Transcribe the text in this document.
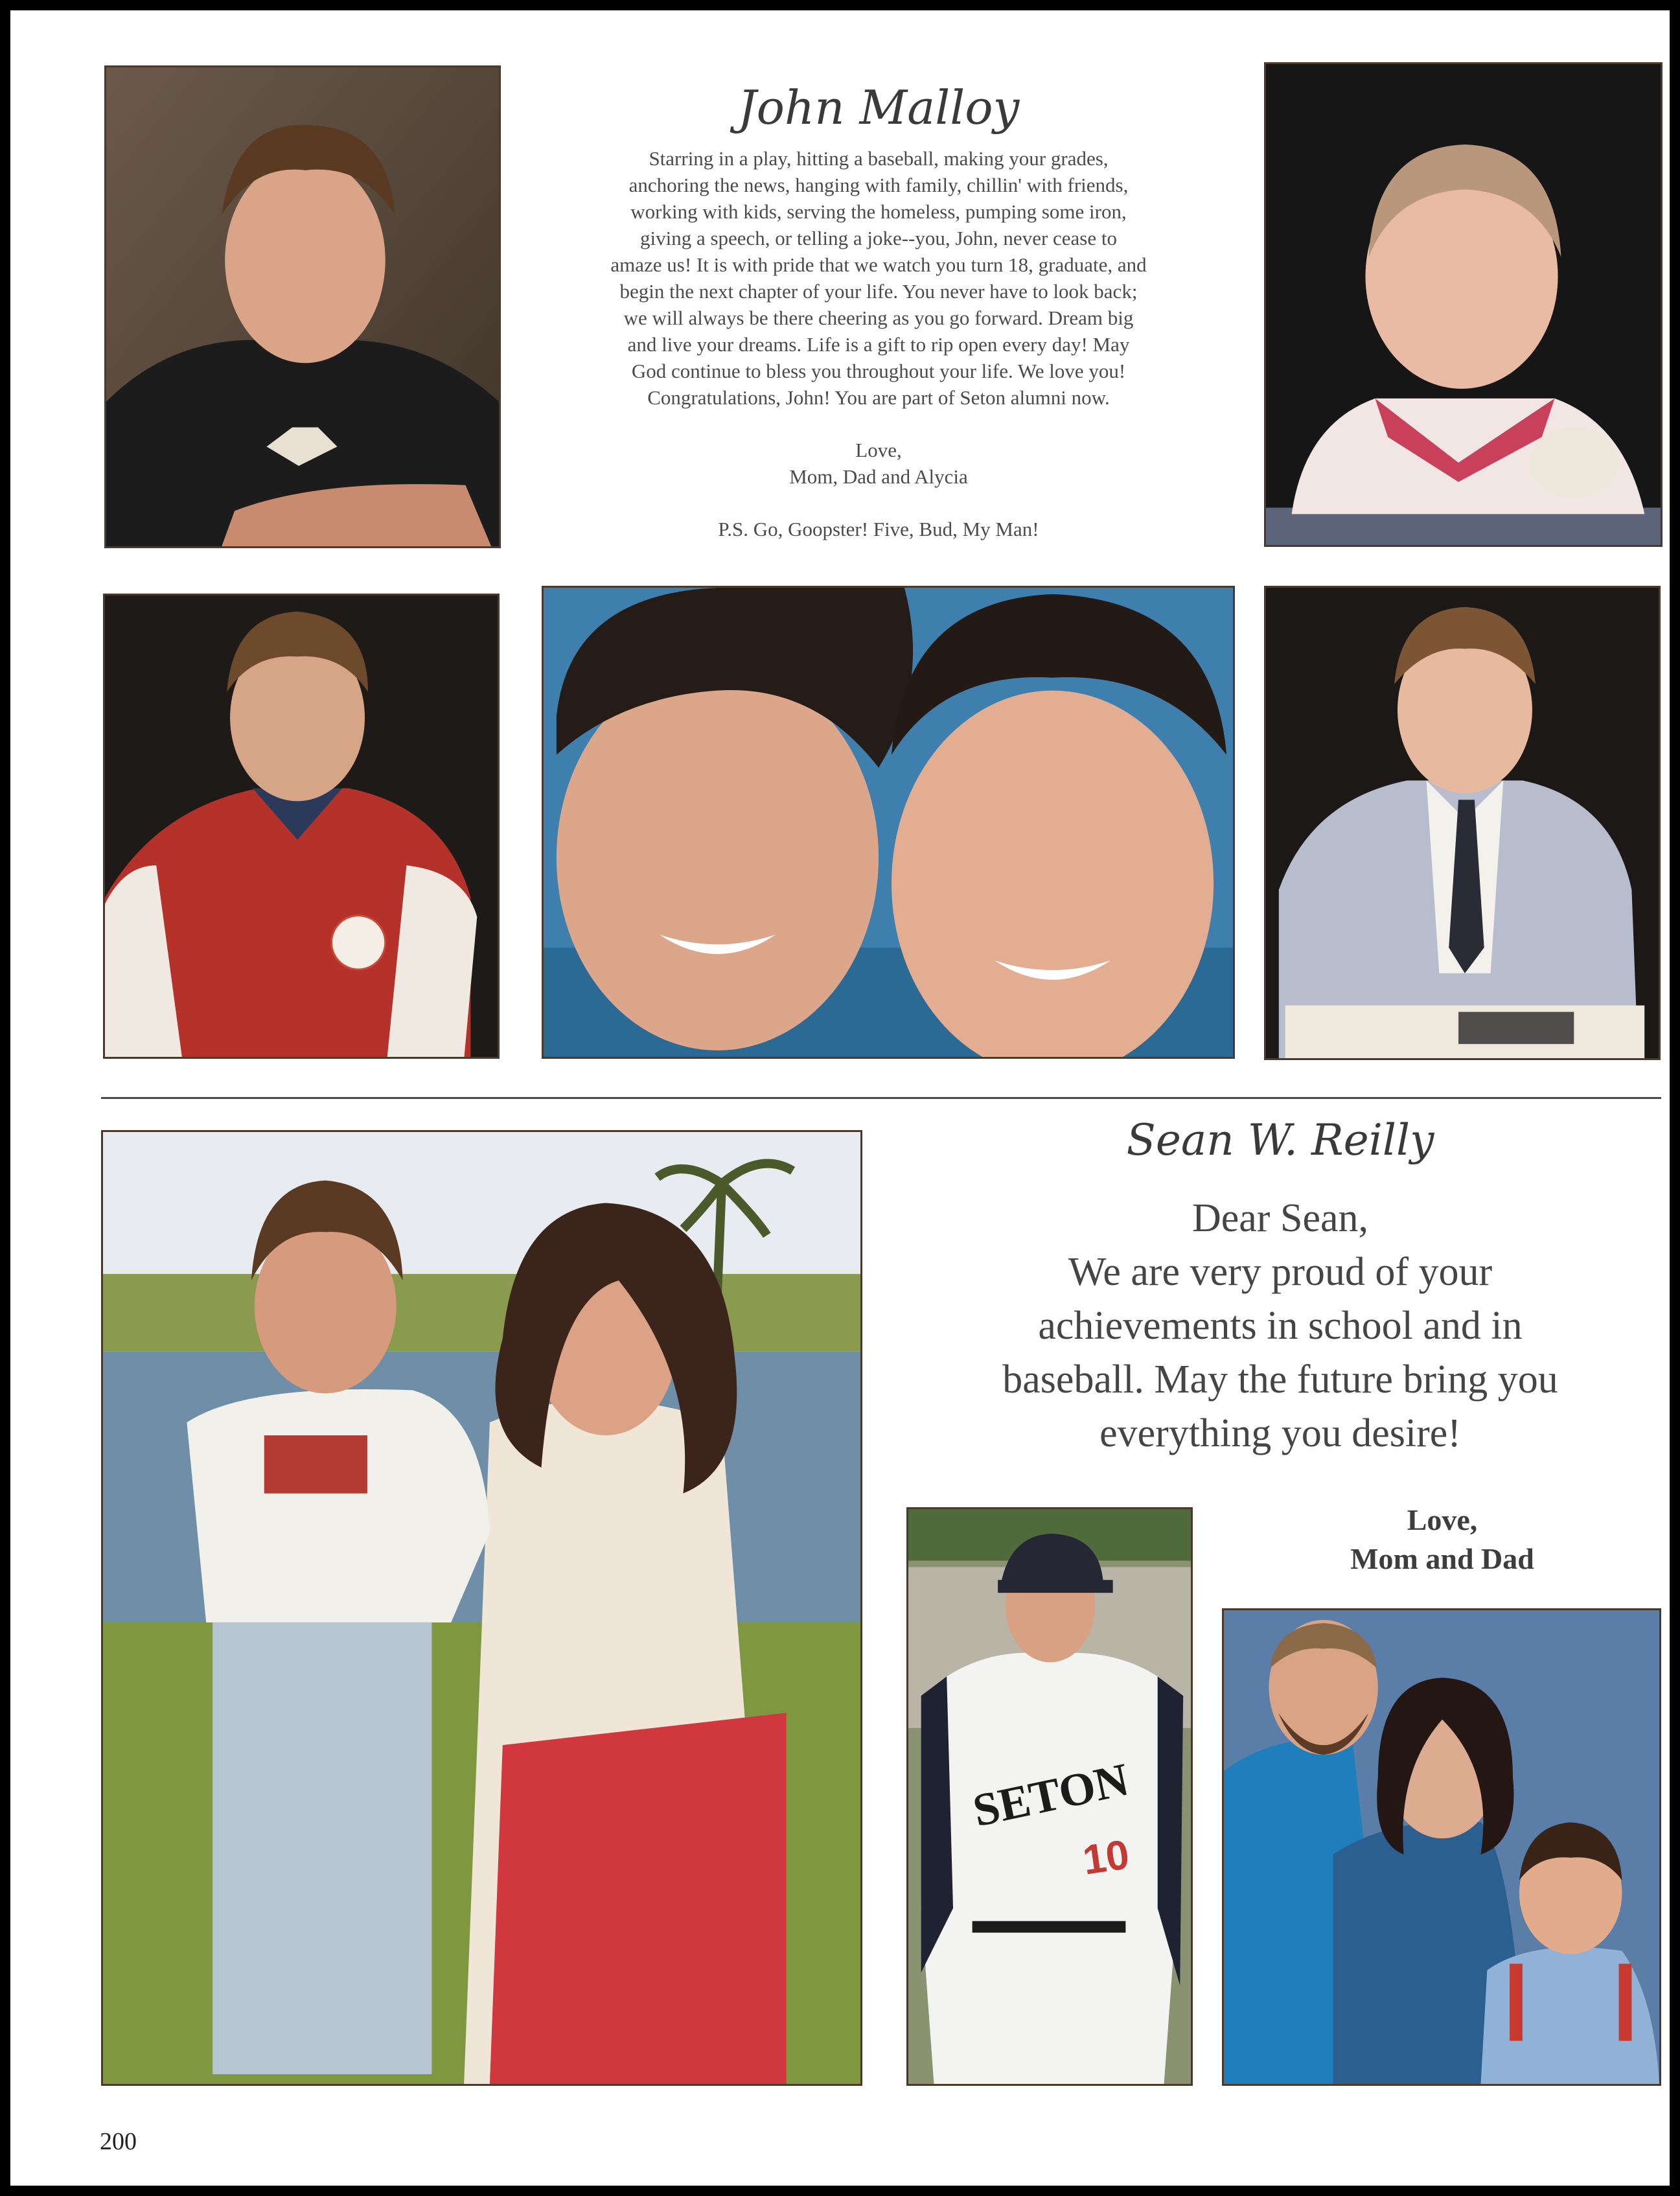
John Malloy
Starring in a play, hitting a baseball, making your grades,
anchoring the news, hanging with family, chillin' with friends,
working with kids, serving the homeless, pumping some iron,
giving a speech, or telling a joke--you, John, never cease to
amaze us! It is with pride that we watch you turn 18, graduate, and
begin the next chapter of your life. You never have to look back;
we will always be there cheering as you go forward. Dream big
and live your dreams. Life is a gift to rip open every day! May
God continue to bless you throughout your life. We love you!
Congratulations, John! You are part of Seton alumni now.
Love,
Mom, Dad and Alycia
P.S. Go, Goopster! Five, Bud, My Man!
Sean W. Reilly
Dear Sean,
We are very proud of your
achievements in school and in
baseball. May the future bring you
everything you desire!
Love,
Mom and Dad
SETON
10
200
